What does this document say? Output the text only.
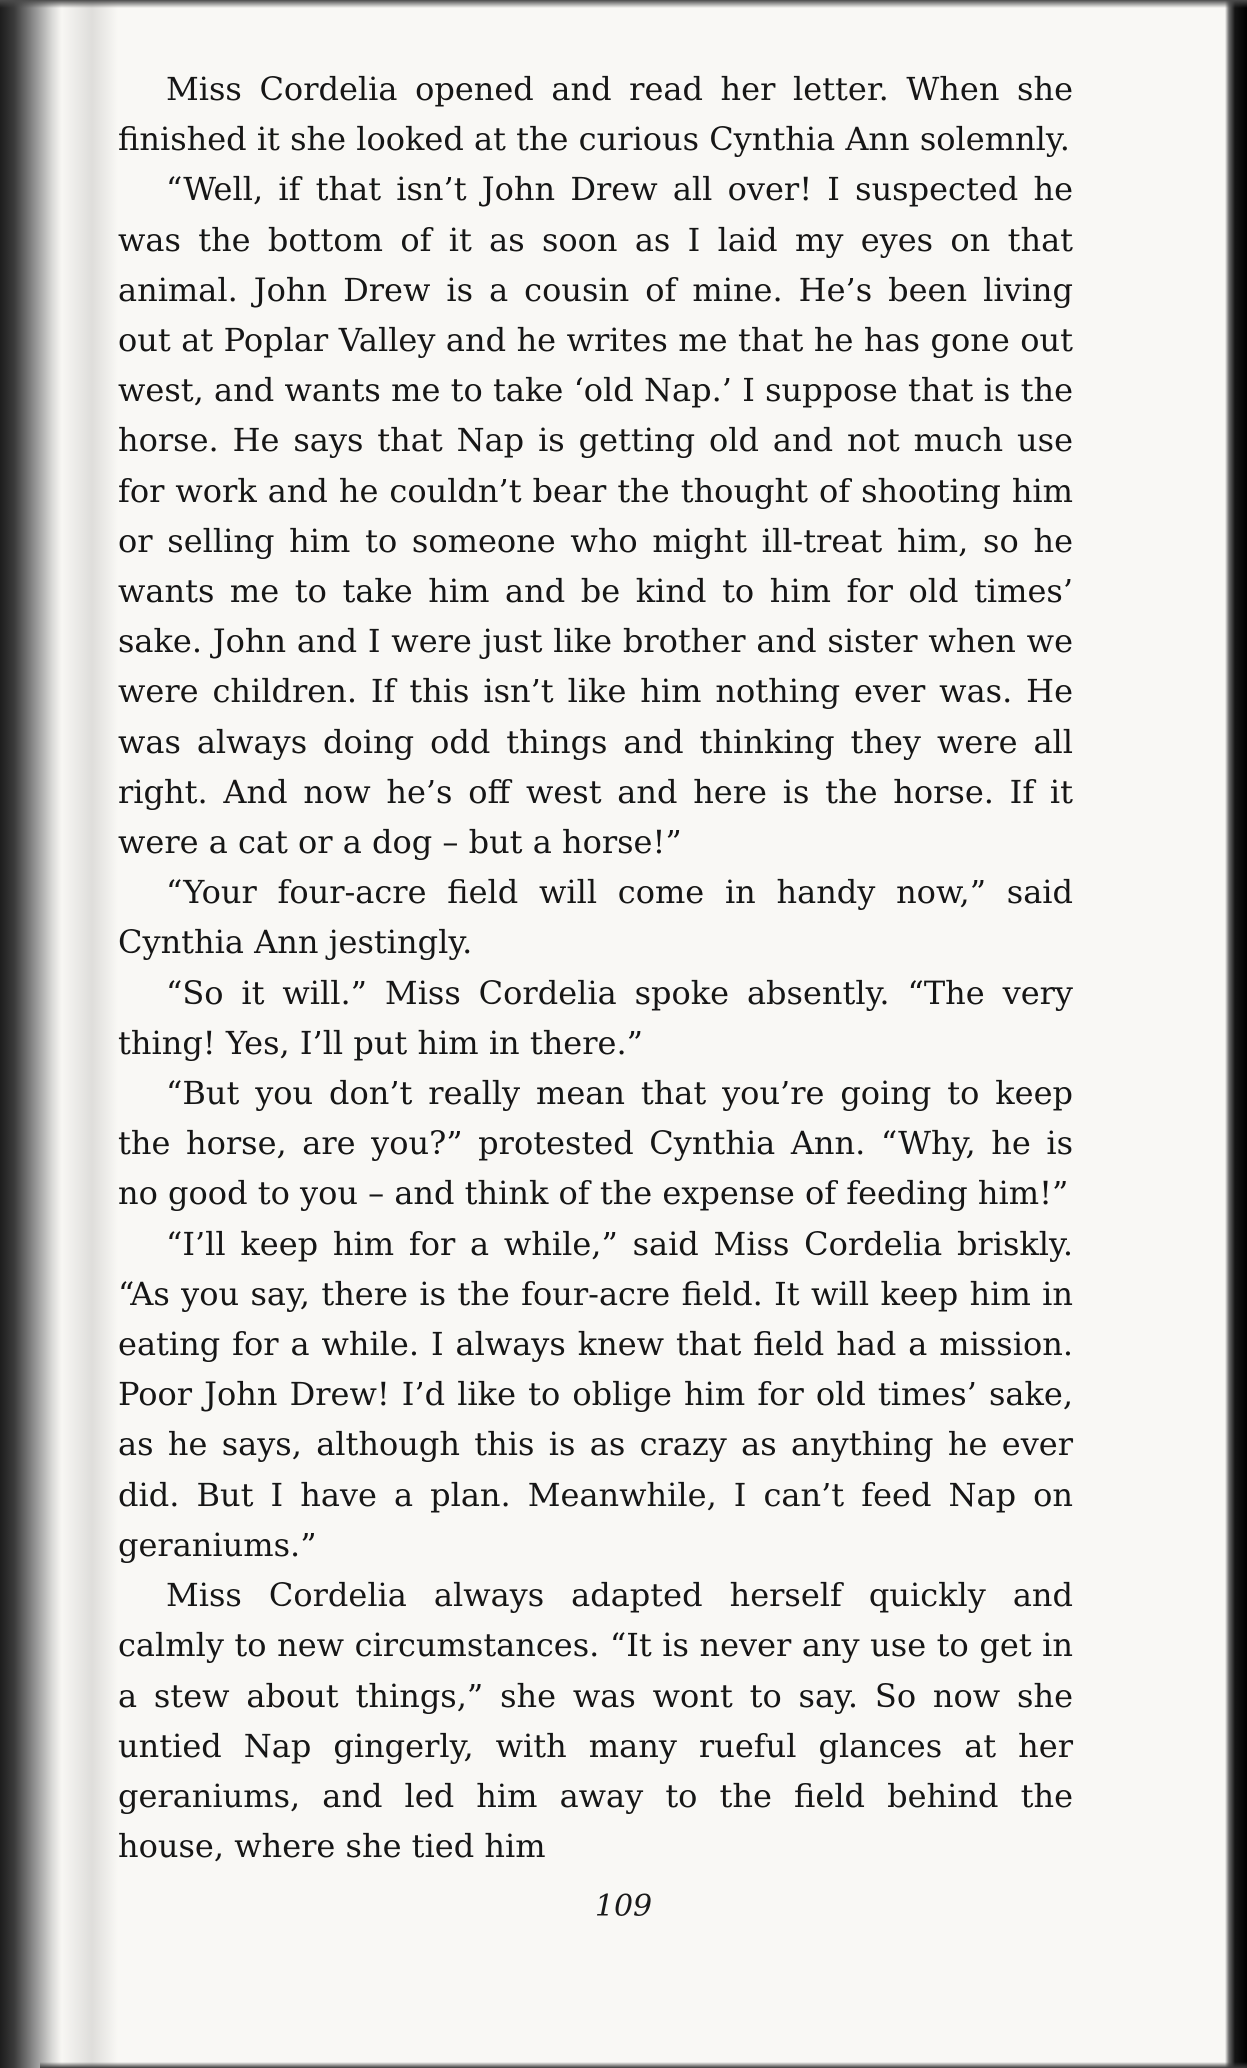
Miss Cordelia opened and read her letter. When she finished it she looked at the curious Cynthia Ann solemnly.

“Well, if that isn’t John Drew all over! I suspected he was the bottom of it as soon as I laid my eyes on that animal. John Drew is a cousin of mine. He’s been living out at Poplar Valley and he writes me that he has gone out west, and wants me to take ‘old Nap.’ I suppose that is the horse. He says that Nap is getting old and not much use for work and he couldn’t bear the thought of shooting him or selling him to someone who might ill-treat him, so he wants me to take him and be kind to him for old times’ sake. John and I were just like brother and sister when we were children. If this isn’t like him nothing ever was. He was always doing odd things and thinking they were all right. And now he’s off west and here is the horse. If it were a cat or a dog – but a horse!”

“Your four-acre field will come in handy now,” said Cynthia Ann jestingly.

“So it will.” Miss Cordelia spoke absently. “The very thing! Yes, I’ll put him in there.”

“But you don’t really mean that you’re going to keep the horse, are you?” protested Cynthia Ann. “Why, he is no good to you – and think of the expense of feeding him!”

“I’ll keep him for a while,” said Miss Cordelia briskly. “As you say, there is the four-acre field. It will keep him in eating for a while. I always knew that field had a mission. Poor John Drew! I’d like to oblige him for old times’ sake, as he says, although this is as crazy as anything he ever did. But I have a plan. Meanwhile, I can’t feed Nap on geraniums.”

Miss Cordelia always adapted herself quickly and calmly to new circumstances. “It is never any use to get in a stew about things,” she was wont to say. So now she untied Nap gingerly, with many rueful glances at her geraniums, and led him away to the field behind the house, where she tied him

109
